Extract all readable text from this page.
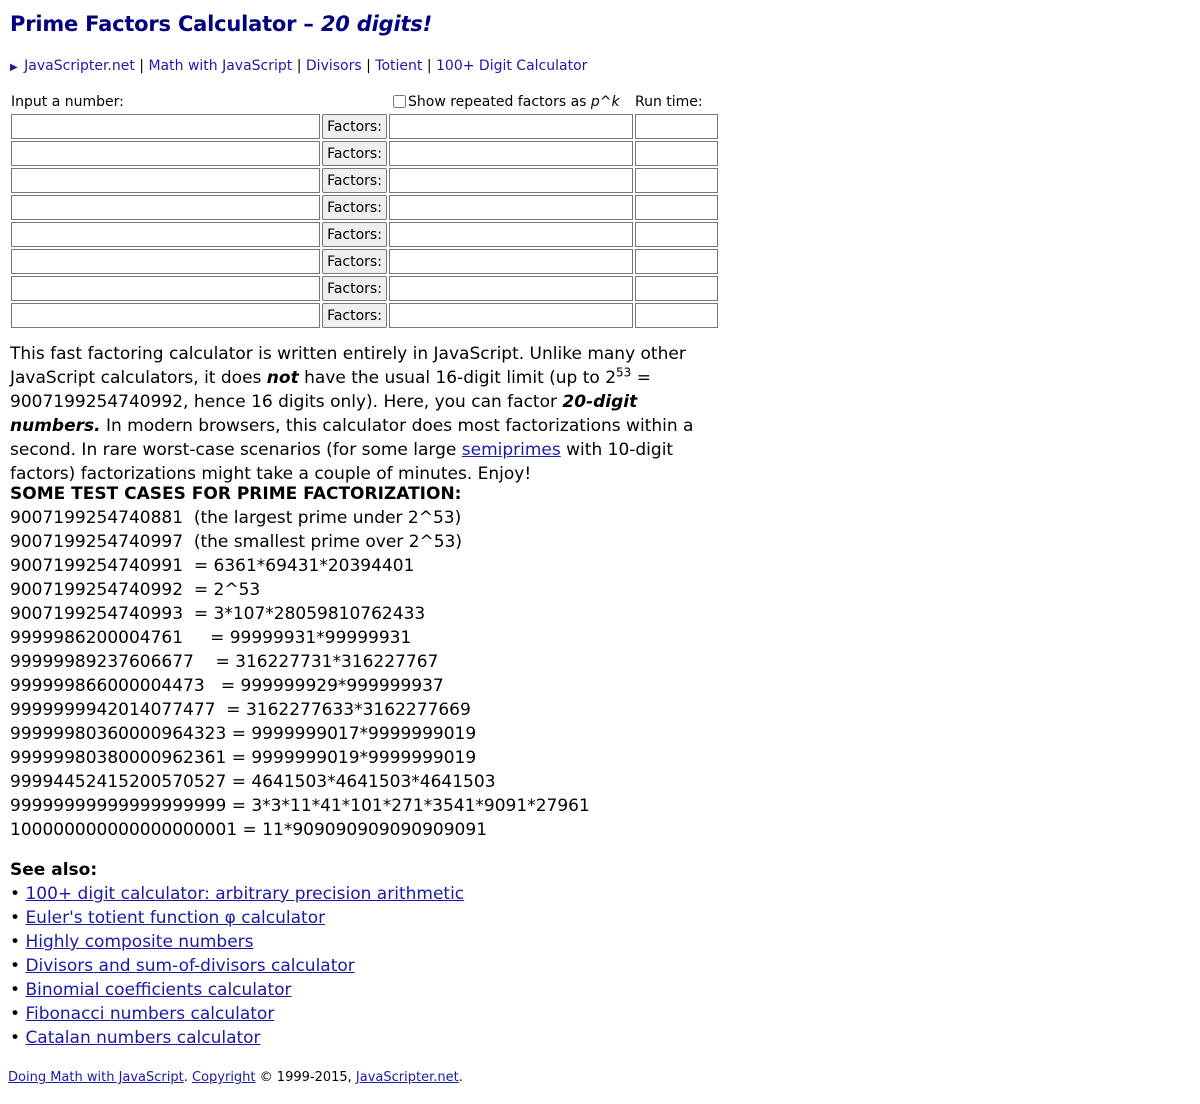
Prime Factors Calculator – 20 digits!
▶ JavaScripter.net | Math with JavaScript | Divisors | Totient | 100+ Digit Calculator
Input a number:	Show repeated factors as p^k Run time:
Factors:
Factors:
Factors:
Factors:
Factors:
Factors:
Factors:
Factors:

This fast factoring calculator is written entirely in JavaScript. Unlike many other JavaScript calculators, it does not have the usual 16-digit limit (up to $2^{53} = 9007199254740992$, hence 16 digits only). Here, you can factor 20-digit numbers. In modern browsers, this calculator does most factorizations within a second. In rare worst-case scenarios (for some large semiprimes with 10-digit factors) factorizations might take a couple of minutes. Enjoy!

SOME TEST CASES FOR PRIME FACTORIZATION:
9007199254740881  (the largest prime under 2^53)
9007199254740997  (the smallest prime over 2^53)
9007199254740991  = 6361*69431*20394401
9007199254740992  = 2^53
9007199254740993  = 3*107*28059810762433
9999986200004761     = 99999931*99999931
99999989237606677    = 316227731*316227767
999999866000004473   = 999999929*999999937
9999999942014077477  = 3162277633*3162277669
99999980360000964323 = 9999999017*9999999019
99999980380000962361 = 9999999019*9999999019
99994452415200570527 = 4641503*4641503*4641503
99999999999999999999 = 3*3*11*41*101*271*3541*9091*27961
100000000000000000001 = 11*909090909090909091
See also:
• 100+ digit calculator: arbitrary precision arithmetic
• Euler's totient function φ calculator
• Highly composite numbers
• Divisors and sum-of-divisors calculator
• Binomial coefficients calculator
• Fibonacci numbers calculator
• Catalan numbers calculator
Doing Math with JavaScript. Copyright © 1999-2015, JavaScripter.net.
